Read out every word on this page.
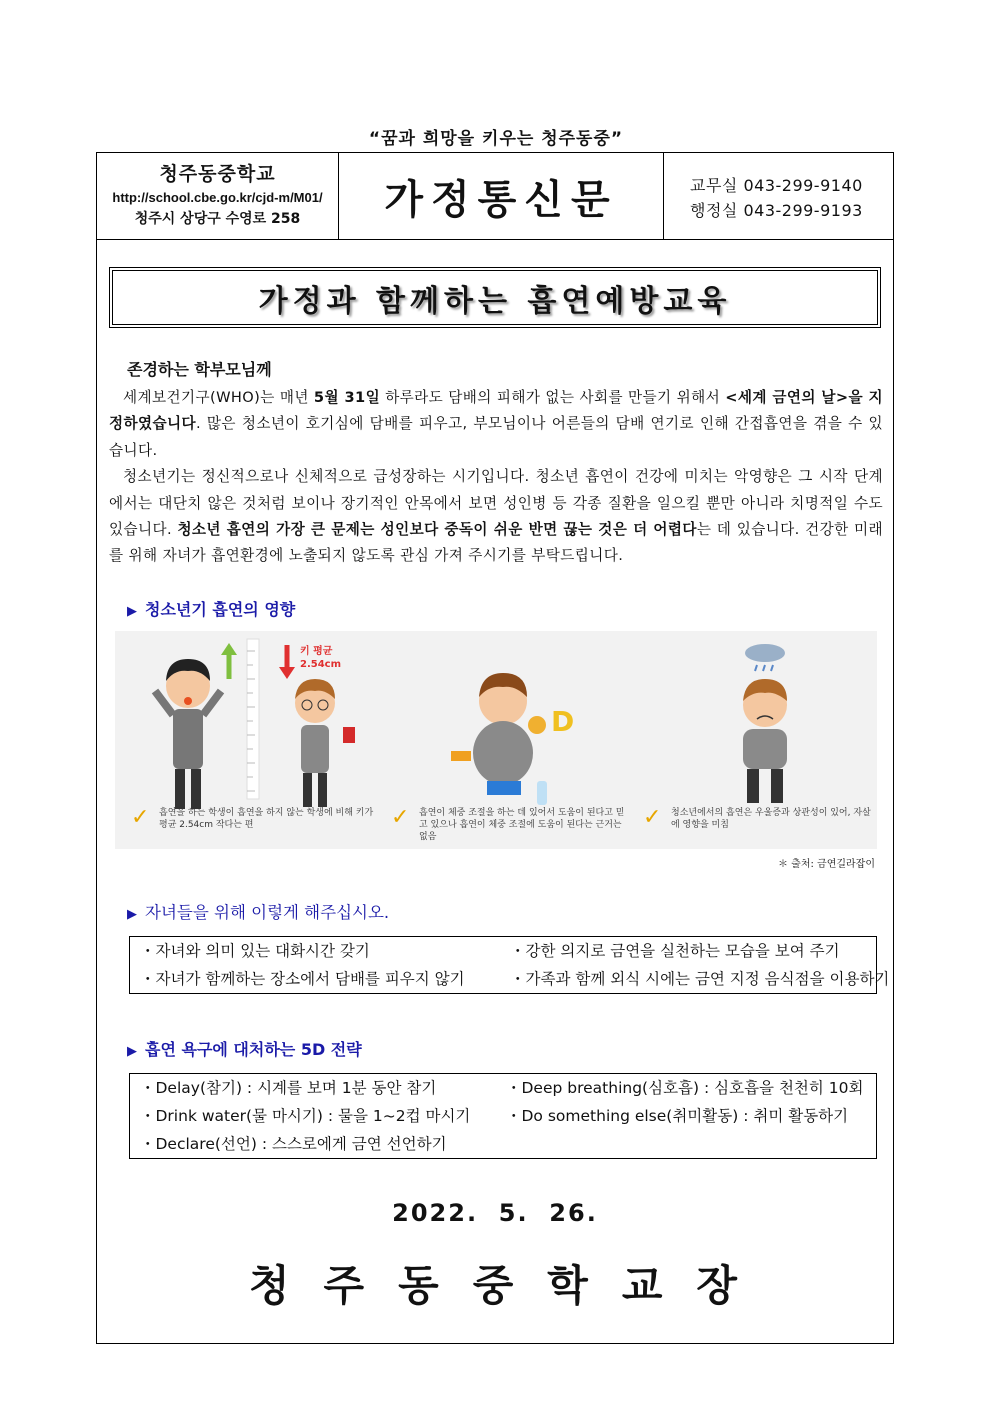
“꿈과 희망을 키우는 청주동중”
청주동중학교
http://school.cbe.go.kr/cjd-m/M01/
청주시 상당구 수영로 258	가정통신문	교무실 043-299-9140
행정실 043-299-9193
가정과 함께하는 흡연예방교육
존경하는 학부모님께

세계보건기구(WHO)는 매년 5월 31일 하루라도 담배의 피해가 없는 사회를 만들기 위해서 <세계 금연의 날>을 지정하였습니다. 많은 청소년이 호기심에 담배를 피우고, 부모님이나 어른들의 담배 연기로 인해 간접흡연을 겪을 수 있습니다.

청소년기는 정신적으로나 신체적으로 급성장하는 시기입니다. 청소년 흡연이 건강에 미치는 악영향은 그 시작 단계에서는 대단치 않은 것처럼 보이나 장기적인 안목에서 보면 성인병 등 각종 질환을 일으킬 뿐만 아니라 치명적일 수도 있습니다. 청소년 흡연의 가장 큰 문제는 성인보다 중독이 쉬운 반면 끊는 것은 더 어렵다는 데 있습니다. 건강한 미래를 위해 자녀가 흡연환경에 노출되지 않도록 관심 가져 주시기를 부탁드립니다.

▶ 청소년기 흡연의 영향
D
키 평균
2.54cm
✓ 흡연을 하는 학생이 흡연을 하지 않는 학생에 비해 키가 평균 2.54cm 작다는 편	✓ 흡연이 체중 조절을 하는 데 있어서 도움이 된다고 믿고 있으나 흡연이 체중 조절에 도움이 된다는 근거는 없음
✓ 청소년에서의 흡연은 우울증과 상관성이 있어, 자살에 영향을 미침
＊ 출처: 금연길라잡이
▶ 자녀들을 위해 이렇게 해주십시오.
・자녀와 의미 있는 대화시간 갖기	・강한 의지로 금연을 실천하는 모습을 보여 주기
・자녀가 함께하는 장소에서 담배를 피우지 않기	・가족과 함께 외식 시에는 금연 지정 음식점을 이용하기
▶ 흡연 욕구에 대처하는 5D 전략
・Delay(참기) : 시계를 보며 1분 동안 참기	・Deep breathing(심호흡) : 심호흡을 천천히 10회
・Drink water(물 마시기) : 물을 1~2컵 마시기 ・Do something else(취미활동) : 취미 활동하기
・Declare(선언) : 스스로에게 금연 선언하기
2022.  5.  26.
청주동중학교장
